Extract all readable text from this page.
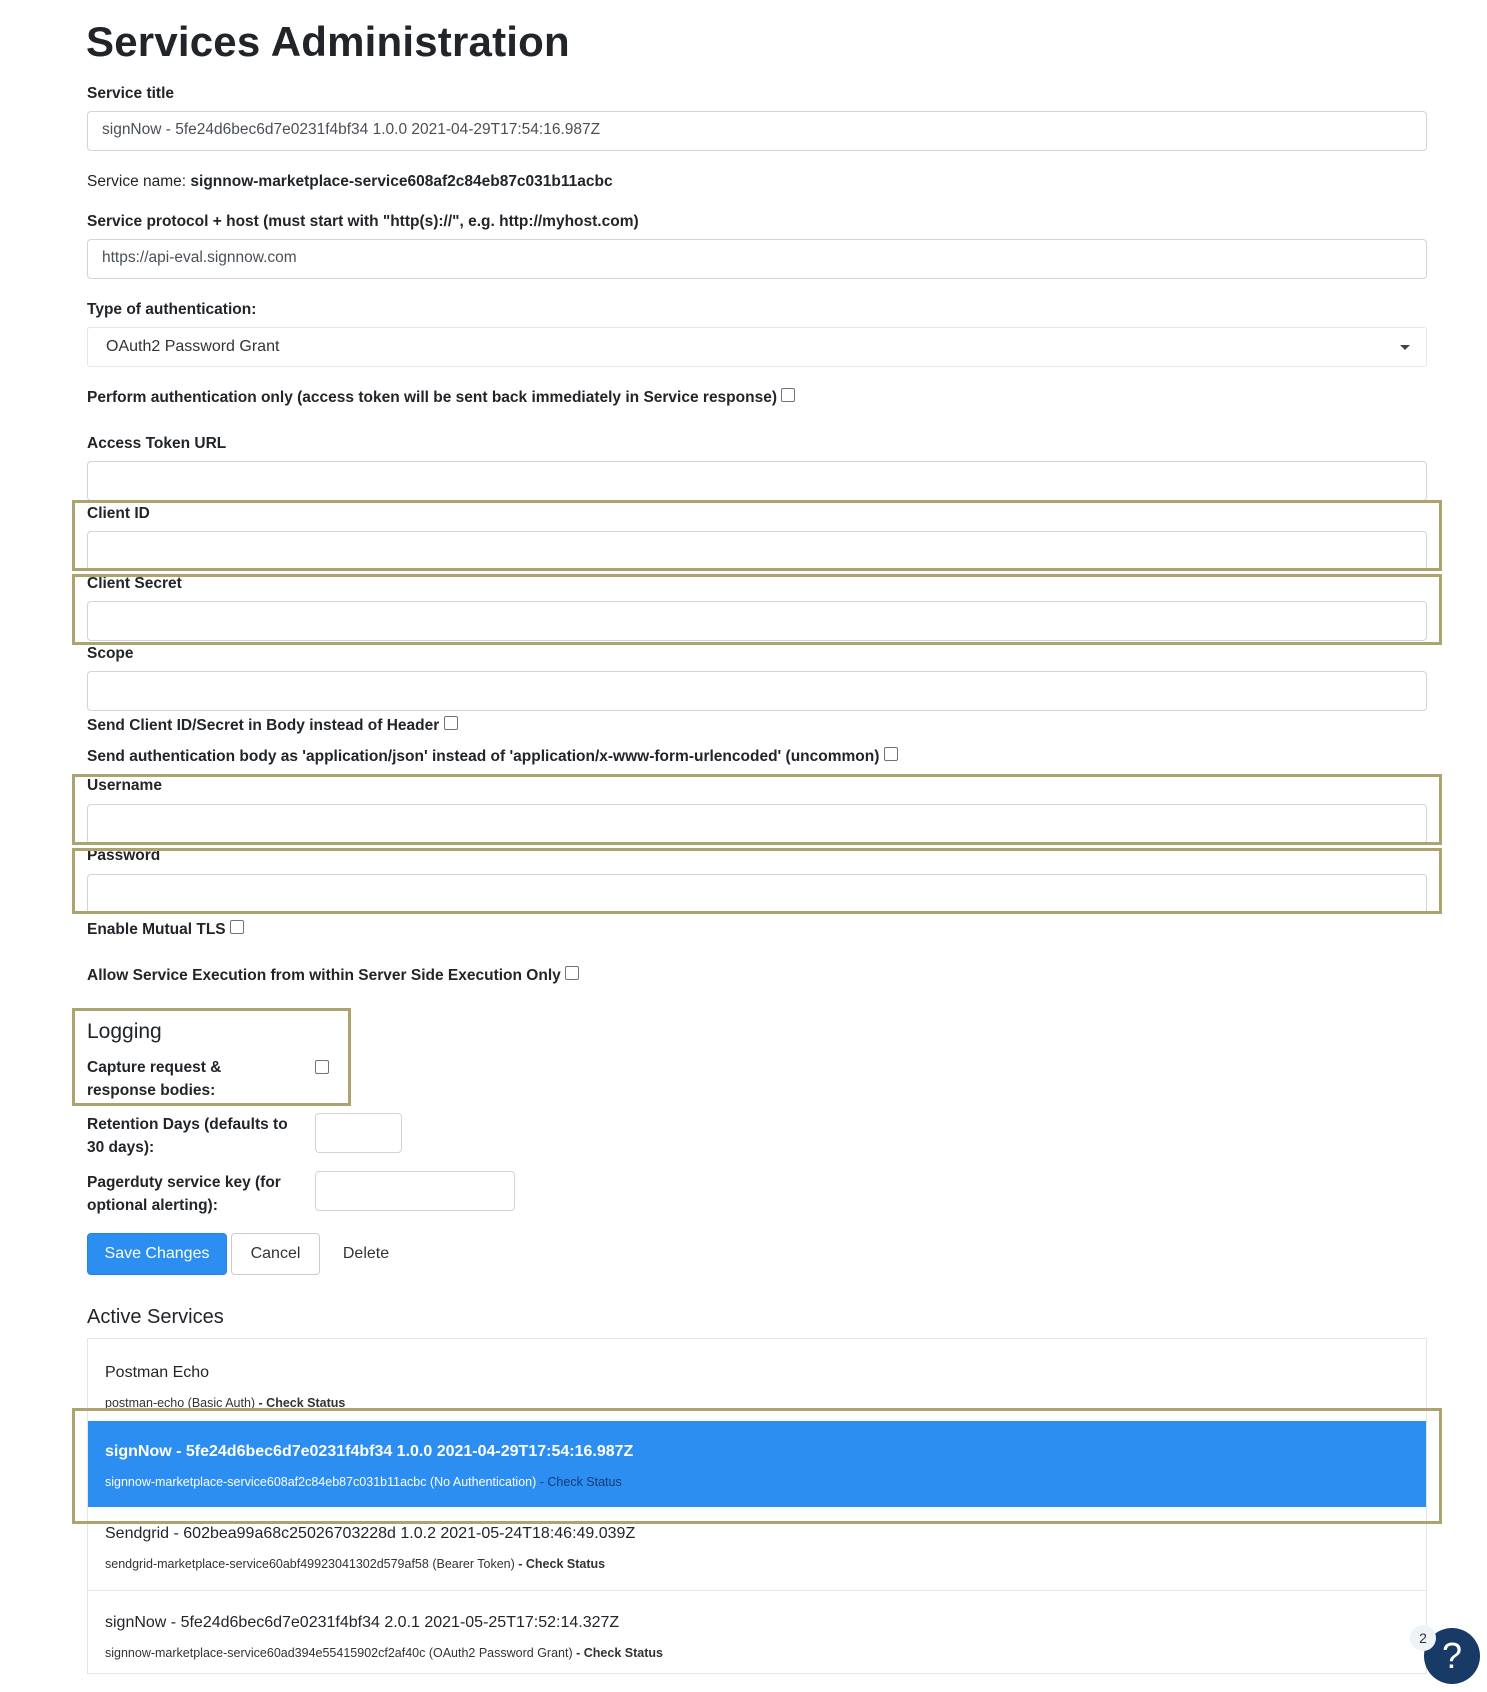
Services Administration
Service title
signNow - 5fe24d6bec6d7e0231f4bf34 1.0.0 2021-04-29T17:54:16.987Z
Service name: signnow-marketplace-service608af2c84eb87c031b11acbc
Service protocol + host (must start with "http(s)://", e.g. http://myhost.com)
https://api-eval.signnow.com
Type of authentication:
OAuth2 Password Grant
Perform authentication only (access token will be sent back immediately in Service response)
Access Token URL
Client ID
Client Secret
Scope
Send Client ID/Secret in Body instead of Header
Send authentication body as 'application/json' instead of 'application/x-www-form-urlencoded' (uncommon)
Username
Password
Enable Mutual TLS
Allow Service Execution from within Server Side Execution Only
Logging
Capture request &
response bodies:
Retention Days (defaults to
30 days):
Pagerduty service key (for
optional alerting):
Save Changes	Cancel	Delete
Active Services
Postman Echo
postman-echo (Basic Auth) - Check Status
signNow - 5fe24d6bec6d7e0231f4bf34 1.0.0 2021-04-29T17:54:16.987Z
signnow-marketplace-service608af2c84eb87c031b11acbc (No Authentication) - Check Status
Sendgrid - 602bea99a68c25026703228d 1.0.2 2021-05-24T18:46:49.039Z
sendgrid-marketplace-service60abf49923041302d579af58 (Bearer Token) - Check Status
signNow - 5fe24d6bec6d7e0231f4bf34 2.0.1 2021-05-25T17:52:14.327Z
signnow-marketplace-service60ad394e55415902cf2af40c (OAuth2 Password Grant) - Check Status	?
2
